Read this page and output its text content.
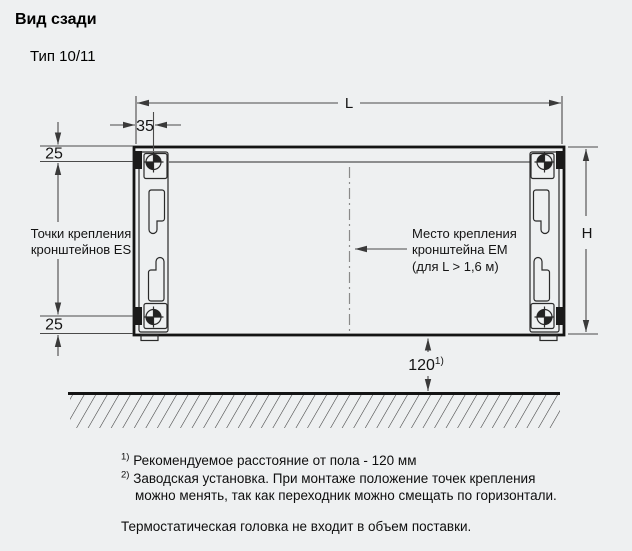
Вид сзади
Тип 10/11
L
35
25
25
H
120$^{1)}$
Точки крепления
кронштейнов ES
Место крепления
кронштейна EM
(для L > 1,6 м)
$^{1)}$ Рекомендуемое расстояние от пола - 120 мм
$^{2)}$ Заводская установка. При монтаже положение точек крепления
можно менять, так как переходник можно смещать по горизонтали.
Термостатическая головка не входит в объем поставки.
